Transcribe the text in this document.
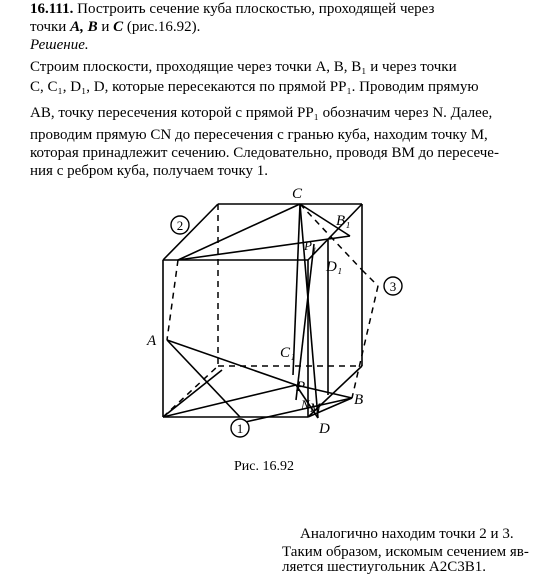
16.111. Построить сечение куба плоскостью, проходящей через
точки A, B и C (рис.16.92).
Решение.
Строим плоскости, проходящие через точки A, B, B₁ и через точки
C, C₁, D₁, D, которые пересекаются по прямой PP₁. Проводим прямую
AB, точку пересечения которой с прямой PP₁ обозначим через N. Далее,
проводим прямую CN до пересечения с гранью куба, находим точку M,
которая принадлежит сечению. Следовательно, проводя BM до пересече-
ния с ребром куба, получаем точку 1.
C
B₁
P₁
D₁
A
C₁
P
N M B
D
2
3
1
Рис. 16.92
Аналогично находим точки 2 и 3.
Таким образом, искомым сечением яв-
ляется шестиугольник A2C3B1.
